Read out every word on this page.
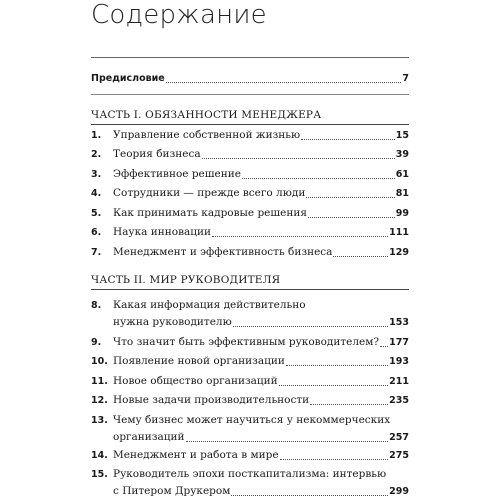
Содержание
Предисловие	7
ЧАСТЬ I. ОБЯЗАННОСТИ МЕНЕДЖЕРА
1.	Управление собственной жизнью	15
2.	Теория бизнеса	39
3.	Эффективное решение	61
4.	Сотрудники — прежде всего люди	81
5.	Как принимать кадровые решения	99
6.	Наука инновации	111
7.	Менеджмент и эффективность бизнеса	129
ЧАСТЬ II. МИР РУКОВОДИТЕЛЯ
8.	Какая информация действительно
нужна руководителю	153
9.	Что значит быть эффективным руководителем? 177
10. Появление новой организации	193
11. Новое общество организаций	211
12. Новые задачи производительности	235
13. Чему бизнес может научиться у некоммерческих
организаций	257
14. Менеджмент и работа в мире	275
15. Руководитель эпохи посткапитализма: интервью
с Питером Друкером	299
